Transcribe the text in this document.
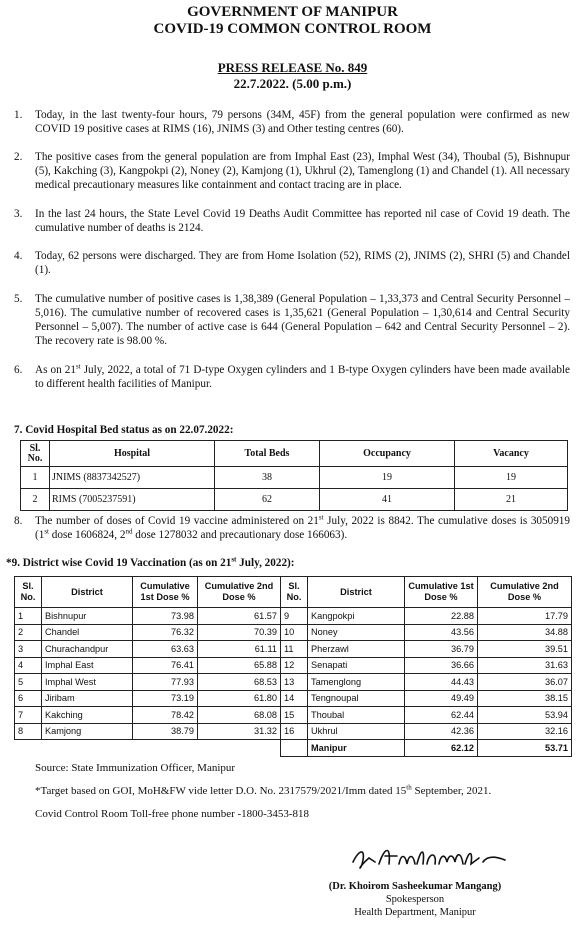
GOVERNMENT OF MANIPUR
COVID-19 COMMON CONTROL ROOM
PRESS RELEASE No. 849
22.7.2022. (5.00 p.m.)
1.	Today, in the last twenty-four hours, 79 persons (34M, 45F) from the general population were confirmed as new COVID 19 positive cases at RIMS (16), JNIMS (3) and Other testing centres (60).
2.	The positive cases from the general population are from Imphal East (23), Imphal West (34), Thoubal (5), Bishnupur (5), Kakching (3), Kangpokpi (2), Noney (2), Kamjong (1), Ukhrul (2), Tamenglong (1) and Chandel (1). All necessary medical precautionary measures like containment and contact tracing are in place.
3.	In the last 24 hours, the State Level Covid 19 Deaths Audit Committee has reported nil case of Covid 19 death. The cumulative number of deaths is 2124.
4.	Today, 62 persons were discharged. They are from Home Isolation (52), RIMS (2), JNIMS (2), SHRI (5) and Chandel (1).
5.	The cumulative number of positive cases is 1,38,389 (General Population – 1,33,373 and Central Security Personnel – 5,016). The cumulative number of recovered cases is 1,35,621 (General Population – 1,30,614 and Central Security Personnel – 5,007). The number of active case is 644 (General Population – 642 and Central Security Personnel – 2). The recovery rate is 98.00 %.
6.	As on 21st July, 2022, a total of 71 D-type Oxygen cylinders and 1 B-type Oxygen cylinders have been made available to different health facilities of Manipur.
7. Covid Hospital Bed status as on 22.07.2022:
Sl. No.	Hospital	Total Beds	Occupancy	Vacancy
1	JNIMS (8837342527)	38	19	19
2	RIMS (7005237591)	62	41	21
8.	The number of doses of Covid 19 vaccine administered on 21st July, 2022 is 8842. The cumulative doses is 3050919 (1st dose 1606824, 2nd dose 1278032 and precautionary dose 166063).
*9. District wise Covid 19 Vaccination (as on 21st July, 2022):
Sl. No.	District	Cumulative 1st Dose %	Cumulative 2nd Dose %	Sl. No.	District	Cumulative 1st Dose %	Cumulative 2nd Dose %
1	Bishnupur	73.98	61.57	9	Kangpokpi	22.88	17.79
2	Chandel	76.32	70.39	10	Noney	43.56	34.88
3	Churachandpur	63.63	61.11	11	Pherzawl	36.79	39.51
4	Imphal East	76.41	65.88	12	Senapati	36.66	31.63
5	Imphal West	77.93	68.53	13	Tamenglong	44.43	36.07
6	Jiribam	73.19	61.80	14	Tengnoupal	49.49	38.15
7	Kakching	78.42	68.08	15	Thoubal	62.44	53.94
8	Kamjong	38.79	31.32	16	Ukhrul	42.36	32.16
					Manipur	62.12	53.71
Source: State Immunization Officer, Manipur
*Target based on GOI, MoH&FW vide letter D.O. No. 2317579/2021/Imm dated 15th September, 2021.
Covid Control Room Toll-free phone number -1800-3453-818
(Dr. Khoirom Sasheekumar Mangang)
Spokesperson
Health Department, Manipur
